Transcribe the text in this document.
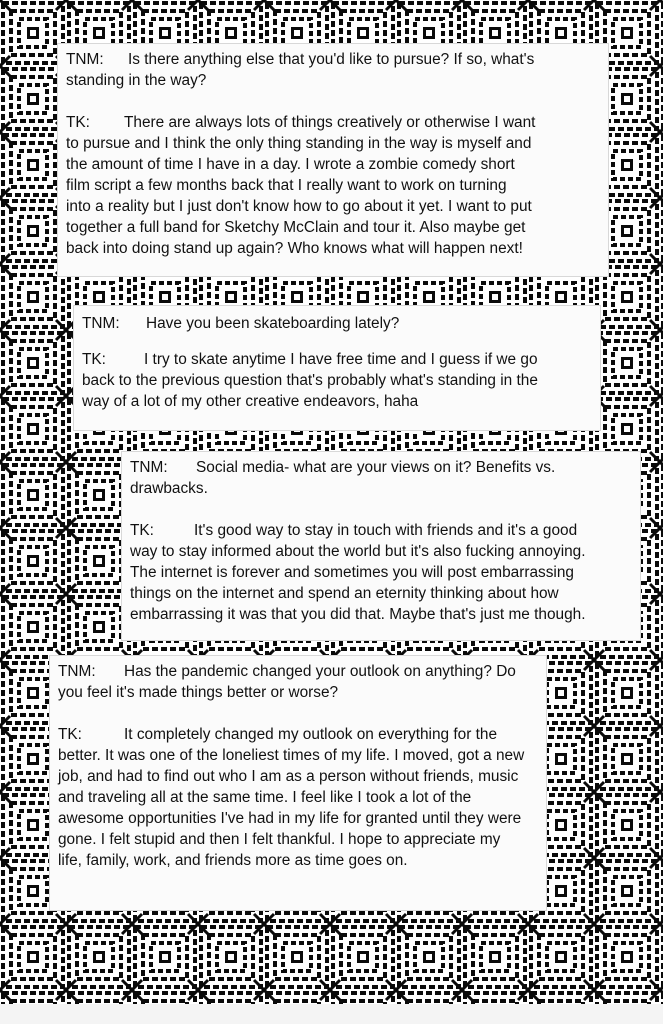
TNM: Is there anything else that you'd like to pursue? If so, what's
standing in the way?
TK: There are always lots of things creatively or otherwise I want
to pursue and I think the only thing standing in the way is myself and
the amount of time I have in a day. I wrote a zombie comedy short
film script a few months back that I really want to work on turning
into a reality but I just don't know how to go about it yet. I want to put
together a full band for Sketchy McClain and tour it. Also maybe get
back into doing stand up again? Who knows what will happen next!
TNM: Have you been skateboarding lately?
TK: I try to skate anytime I have free time and I guess if we go
back to the previous question that's probably what's standing in the
way of a lot of my other creative endeavors, haha
TNM: Social media- what are your views on it? Benefits vs.
drawbacks.
TK:	It's good way to stay in touch with friends and it's a good
way to stay informed about the world but it's also fucking annoying.
The internet is forever and sometimes you will post embarrassing
things on the internet and spend an eternity thinking about how
embarrassing it was that you did that. Maybe that's just me though.
TNM: Has the pandemic changed your outlook on anything? Do
you feel it's made things better or worse?
TK:	It completely changed my outlook on everything for the
better. It was one of the loneliest times of my life. I moved, got a new
job, and had to find out who I am as a person without friends, music
and traveling all at the same time. I feel like I took a lot of the
awesome opportunities I've had in my life for granted until they were
gone. I felt stupid and then I felt thankful. I hope to appreciate my
life, family, work, and friends more as time goes on.
